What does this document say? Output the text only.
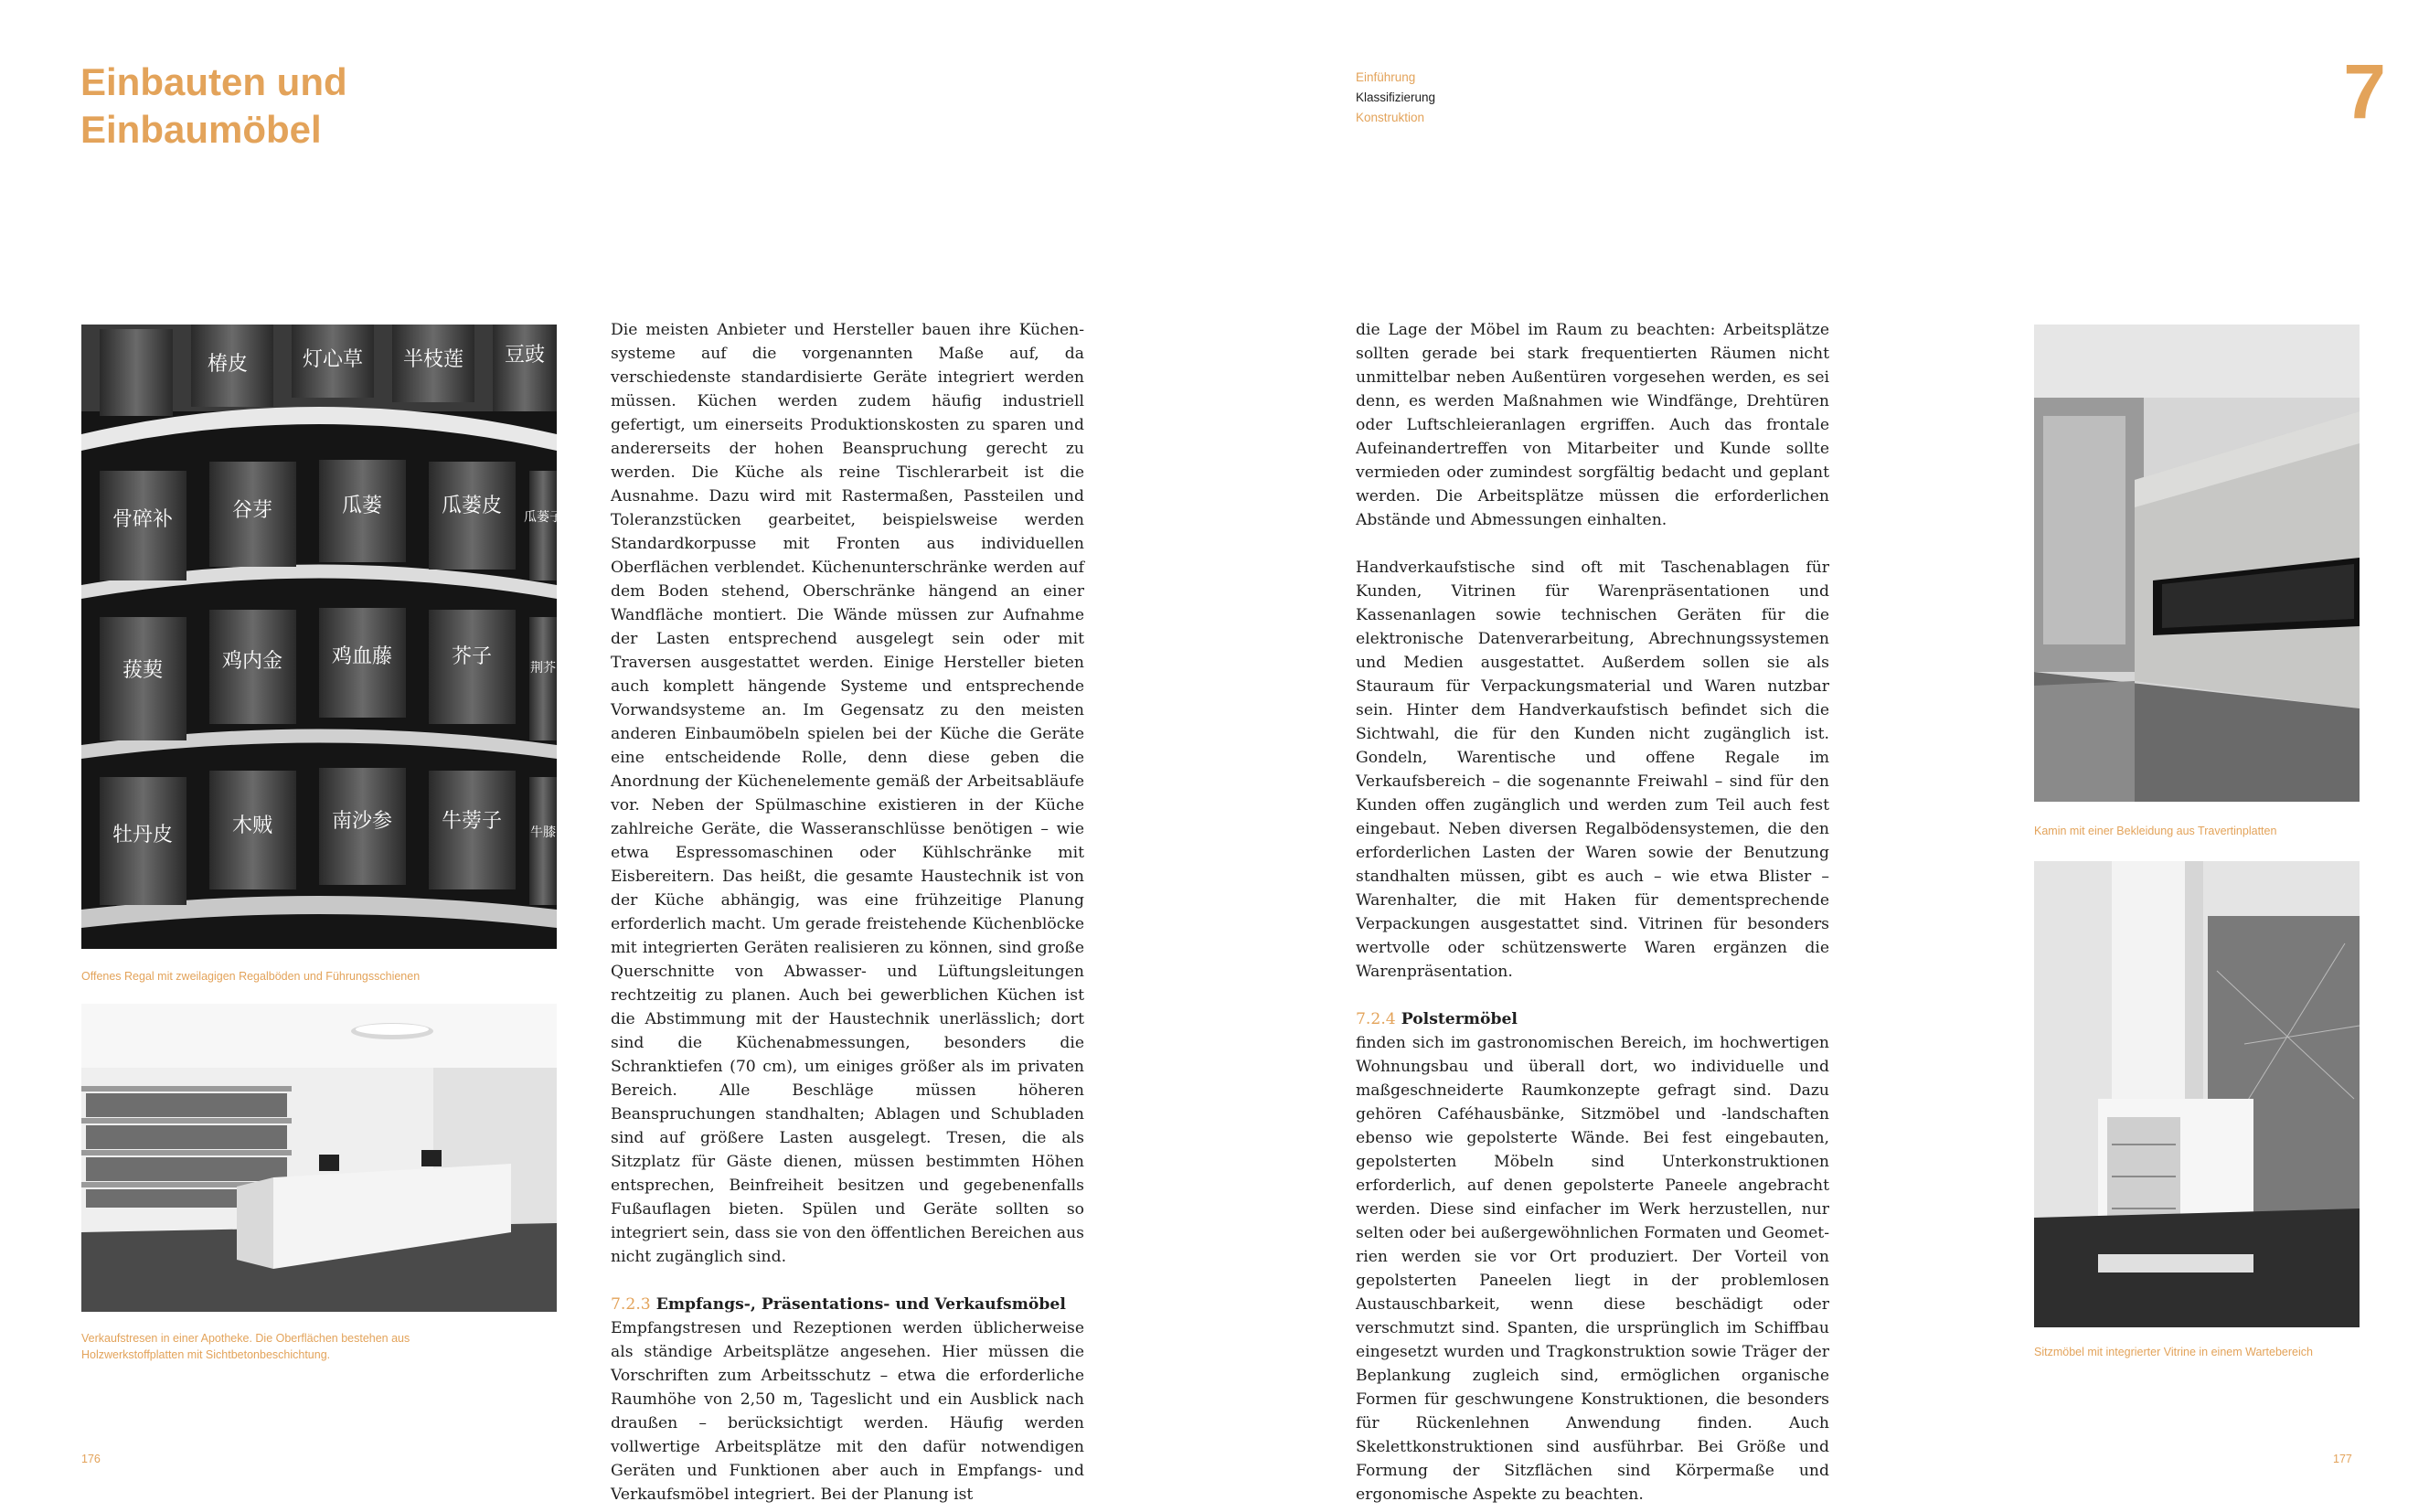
Einbauten und
Einbaumöbel
Einführung
Klassifizierung
Konstruktion	7
椿皮	灯心草 半枝莲 豆豉
骨碎补	谷芽	瓜蒌	瓜蒌皮 瓜蒌子
菝葜	鸡内金 鸡血藤	芥子	荆芥
牡丹皮	木贼	南沙参 牛蒡子 牛膝
Offenes Regal mit zweilagigen Regalböden und Führungsschienen
Verkaufstresen in einer Apotheke. Die Oberflächen bestehen aus
Holzwerkstoffplatten mit Sichtbetonbeschichtung.

Die meisten Anbieter und Hersteller bauen ihre Küchensysteme auf die vorgenannten Maße auf, da verschiedenste standardisierte Geräte integriert werden müssen. Küchen werden zudem häufig industriell gefertigt, um einerseits Produktionskosten zu sparen und andererseits der hohen Beanspruchung gerecht zu werden. Die Küche als reine Tischlerarbeit ist die Ausnahme. Dazu wird mit Rastermaßen, Passteilen und Toleranzstücken gearbeitet, beispielsweise werden Standardkorpusse mit Fronten aus individuellen Oberflächen verblendet. Küchenunterschränke werden auf dem Boden stehend, Oberschränke hängend an einer Wandfläche montiert. Die Wände müssen zur Aufnahme der Lasten entsprechend ausgelegt sein oder mit Traversen ausgestattet werden. Einige Hersteller bieten auch komplett hängende Systeme und entsprechende Vorwandsysteme an. Im Gegensatz zu den meisten anderen Einbaumöbeln spielen bei der Küche die Geräte eine entscheidende Rolle, denn diese geben die Anordnung der Küchenelemente gemäß der Arbeitsabläufe vor. Neben der Spülmaschine existieren in der Küche zahlreiche Geräte, die Wasseranschlüsse benötigen – wie etwa Espressomaschinen oder Kühlschränke mit Eisbereitern. Das heißt, die gesamte Haustechnik ist von der Küche abhängig, was eine frühzeitige Planung erforderlich macht. Um gerade freistehende Küchenblöcke mit integrierten Geräten realisieren zu können, sind große Querschnitte von Abwasser- und Lüftungsleitungen rechtzeitig zu planen. Auch bei gewerblichen Küchen ist die Abstimmung mit der Haustechnik unerlässlich; dort sind die Küchenabmessungen, besonders die Schranktiefen (70 cm), um einiges größer als im privaten Bereich. Alle Beschläge müssen höheren Beanspruchungen standhalten; Ablagen und Schubladen sind auf größere Lasten ausgelegt. Tresen, die als Sitzplatz für Gäste dienen, müssen bestimmten Höhen entsprechen, Beinfreiheit besitzen und gegebenenfalls Fußauflagen bieten. Spülen und Geräte sollten so integriert sein, dass sie von den öffentlichen Bereichen aus nicht zugänglich sind.

7.2.3 Empfangs-, Präsentations- und Verkaufsmöbel

Empfangstresen und Rezeptionen werden üblicherweise als ständige Arbeitsplätze angesehen. Hier müssen die Vorschriften zum Arbeitsschutz – etwa die erforderliche Raumhöhe von 2,50 m, Tageslicht und ein Ausblick nach draußen – berücksichtigt werden. Häufig werden vollwertige Arbeitsplätze mit den dafür notwendigen Geräten und Funktionen aber auch in Empfangs- und Verkaufsmöbel integriert. Bei der Planung ist

die Lage der Möbel im Raum zu beachten: Arbeitsplätze sollten gerade bei stark frequentierten Räumen nicht unmittelbar neben Außentüren vorgesehen werden, es sei denn, es werden Maßnahmen wie Windfänge, Drehtüren oder Luftschleieranlagen ergriffen. Auch das frontale Aufeinandertreffen von Mitarbeiter und Kunde sollte vermieden oder zumindest sorgfältig bedacht und geplant werden. Die Arbeitsplätze müssen die erforderlichen Abstände und Abmessungen einhalten.

Handverkaufstische sind oft mit Taschenablagen für Kunden, Vitrinen für Warenpräsentationen und Kassenanlagen sowie technischen Geräten für die elektronische Datenverarbeitung, Abrechnungssystemen und Medien ausgestattet. Außerdem sollen sie als Stauraum für Verpackungsmaterial und Waren nutzbar sein. Hinter dem Handverkaufstisch befindet sich die Sichtwahl, die für den Kunden nicht zugänglich ist. Gondeln, Warentische und offene Regale im Verkaufsbereich – die sogenannte Freiwahl – sind für den Kunden offen zugänglich und werden zum Teil auch fest eingebaut. Neben diversen Regalbödensystemen, die den erforderlichen Lasten der Waren sowie der Benutzung standhalten müssen, gibt es auch – wie etwa Blister – Warenhalter, die mit Haken für dementsprechende Verpackungen ausgestattet sind. Vitrinen für besonders wertvolle oder schützenswerte Waren ergänzen die Warenpräsentation.

7.2.4 Polstermöbel

finden sich im gastronomischen Bereich, im hochwertigen Wohnungsbau und überall dort, wo individuelle und maßgeschneiderte Raumkonzepte gefragt sind. Dazu gehören Caféhausbänke, Sitzmöbel und -landschaften ebenso wie gepolsterte Wände. Bei fest eingebauten, gepolsterten Möbeln sind Unterkonstruktionen erforderlich, auf denen gepolsterte Paneele angebracht werden. Diese sind einfacher im Werk herzustellen, nur selten oder bei außergewöhnlichen Formaten und Geometrien werden sie vor Ort produziert. Der Vorteil von gepolsterten Paneelen liegt in der problemlosen Austauschbarkeit, wenn diese beschädigt oder verschmutzt sind. Spanten, die ursprünglich im Schiffbau eingesetzt wurden und Tragkonstruktion sowie Träger der Beplankung zugleich sind, ermöglichen organische Formen für geschwungene Konstruktionen, die besonders für Rückenlehnen Anwendung finden. Auch Skelettkonstruktionen sind ausführbar. Bei Größe und Formung der Sitzflächen sind Körpermaße und ergonomische Aspekte zu beachten.

Kamin mit einer Bekleidung aus Travertinplatten
Sitzmöbel mit integrierter Vitrine in einem Wartebereich
176	177
